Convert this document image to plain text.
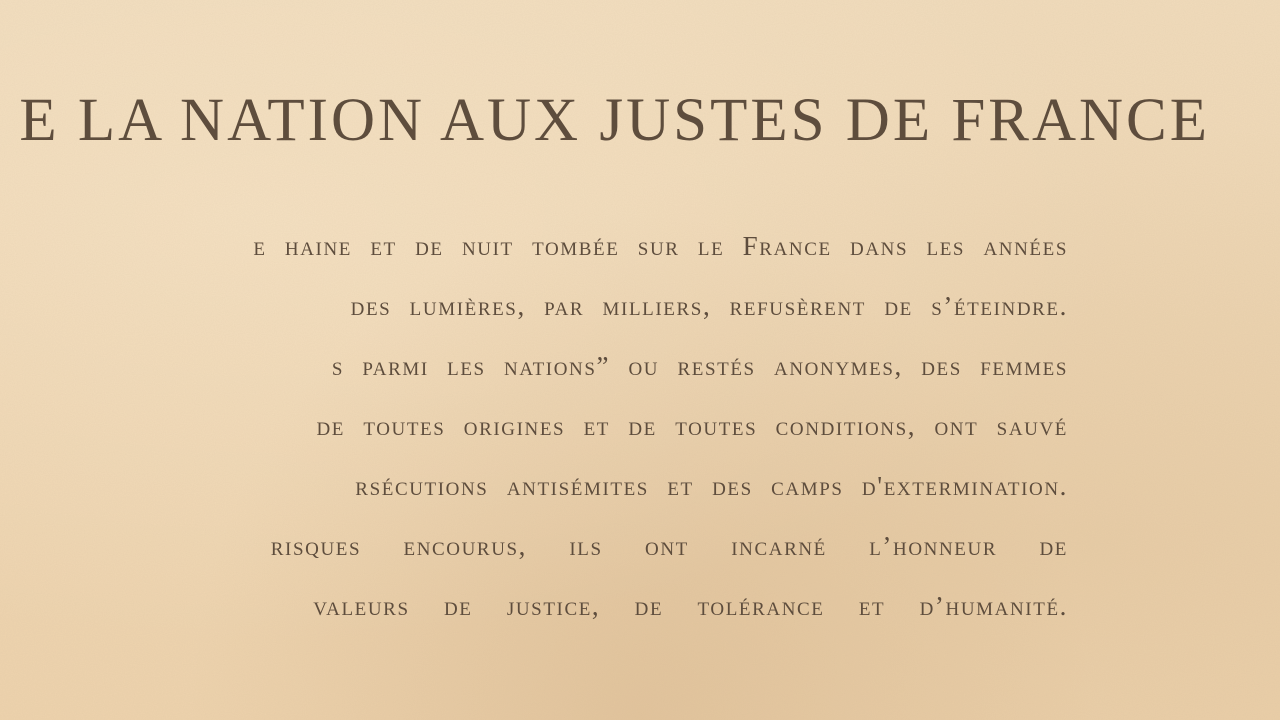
E LA NATION AUX JUSTES DE FRANCE
e haine et de nuit tombée sur le France dans les années
des lumières, par milliers, refusèrent de s’éteindre.
s parmi les nations” ou restés anonymes, des femmes
de toutes origines et de toutes conditions, ont sauvé
rsécutions antisémites et des camps d'extermination.
risques encourus, ils ont incarné l’honneur de
valeurs de justice, de tolérance et d’humanité.
